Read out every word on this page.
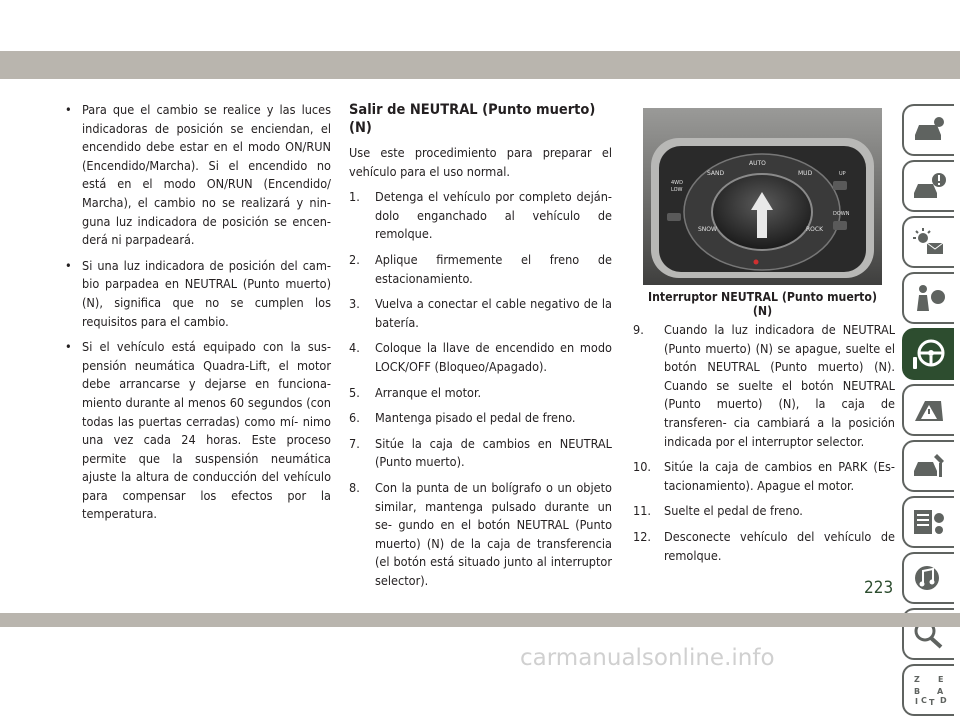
• Para que el cambio se realice y las luces indicadoras de posición se enciendan, el encendido debe estar en el modo ON/RUN (Encendido/Marcha). Si el encendido no está en el modo ON/RUN (Encendido/ Marcha), el cambio no se realizará y nin- guna luz indicadora de posición se encen- derá ni parpadeará.
• Si una luz indicadora de posición del cam- bio parpadea en NEUTRAL (Punto muerto) (N), significa que no se cumplen los requisitos para el cambio.
• Si el vehículo está equipado con la sus- pensión neumática Quadra-Lift, el motor debe arrancarse y dejarse en funciona- miento durante al menos 60 segundos (con todas las puertas cerradas) como mí- nimo una vez cada 24 horas. Este proceso permite que la suspensión neumática ajuste la altura de conducción del vehículo para compensar los efectos por la temperatura.
Salir de NEUTRAL (Punto muerto) (N)

Use este procedimiento para preparar el vehículo para el uso normal.

1. Detenga el vehículo por completo deján- dolo enganchado al vehículo de remolque.
2. Aplique firmemente el freno de estacionamiento.
3. Vuelva a conectar el cable negativo de la batería.
4. Coloque la llave de encendido en modo LOCK/OFF (Bloqueo/Apagado).
5. Arranque el motor.
6. Mantenga pisado el pedal de freno.
7. Sitúe la caja de cambios en NEUTRAL (Punto muerto).
8. Con la punta de un bolígrafo o un objeto similar, mantenga pulsado durante un se- gundo en el botón NEUTRAL (Punto muerto) (N) de la caja de transferencia (el botón está situado junto al interruptor selector).
AUTO
SAND	MUD
SNOW	ROCK
4WD
LOW
UP
DOWN
Interruptor NEUTRAL (Punto muerto) (N)
9. Cuando la luz indicadora de NEUTRAL (Punto muerto) (N) se apague, suelte el botón NEUTRAL (Punto muerto) (N). Cuando se suelte el botón NEUTRAL (Punto muerto) (N), la caja de transferen- cia cambiará a la posición indicada por el interruptor selector.
10. Sitúe la caja de cambios en PARK (Es- tacionamiento). Apague el motor.
11. Suelte el pedal de freno.
12. Desconecte vehículo del vehículo de remolque.
Z E
B A
C T D
I
223
carmanualsonline.info
